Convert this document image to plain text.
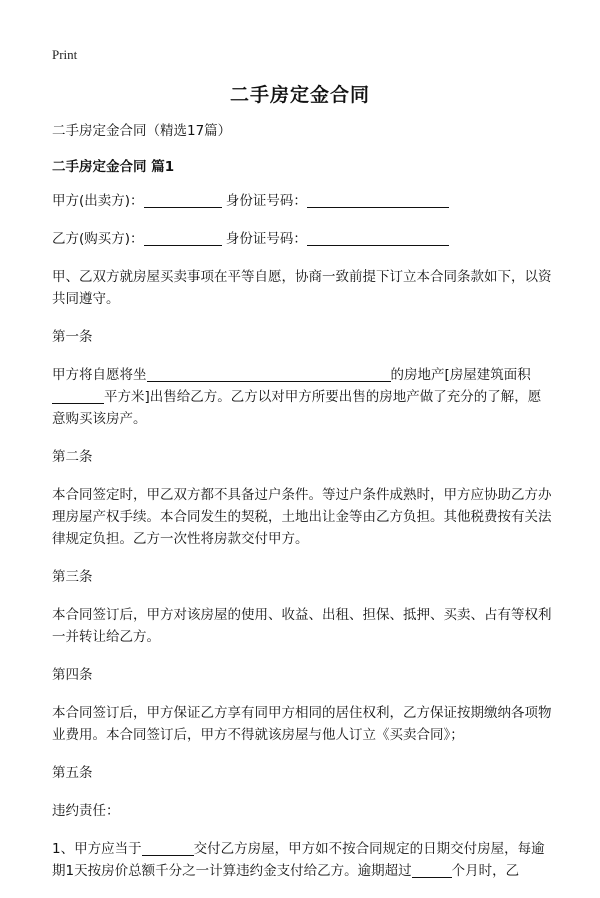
Print
二手房定金合同
二手房定金合同（精选17篇）
二手房定金合同 篇1
甲方(出卖方)：	身份证号码：
乙方(购买方)：	身份证号码：
甲、乙双方就房屋买卖事项在平等自愿，协商一致前提下订立本合同条款如下，以资共同遵守。
第一条
甲方将自愿将坐	的房地产[房屋建筑面积平方米]出售给乙方。乙方以对甲方所要出售的房地产做了充分的了解，愿意购买该房产。
第二条
本合同签定时，甲乙双方都不具备过户条件。等过户条件成熟时，甲方应协助乙方办理房屋产权手续。本合同发生的契税，土地出让金等由乙方负担。其他税费按有关法律规定负担。乙方一次性将房款交付甲方。
第三条
本合同签订后，甲方对该房屋的使用、收益、出租、担保、抵押、买卖、占有等权利一并转让给乙方。
第四条
本合同签订后，甲方保证乙方享有同甲方相同的居住权利，乙方保证按期缴纳各项物业费用。本合同签订后，甲方不得就该房屋与他人订立《买卖合同》；
第五条
违约责任：
1、甲方应当于	交付乙方房屋，甲方如不按合同规定的日期交付房屋，每逾期1天按房价总额千分之一计算违约金支付给乙方。逾期超过	个月时，乙
